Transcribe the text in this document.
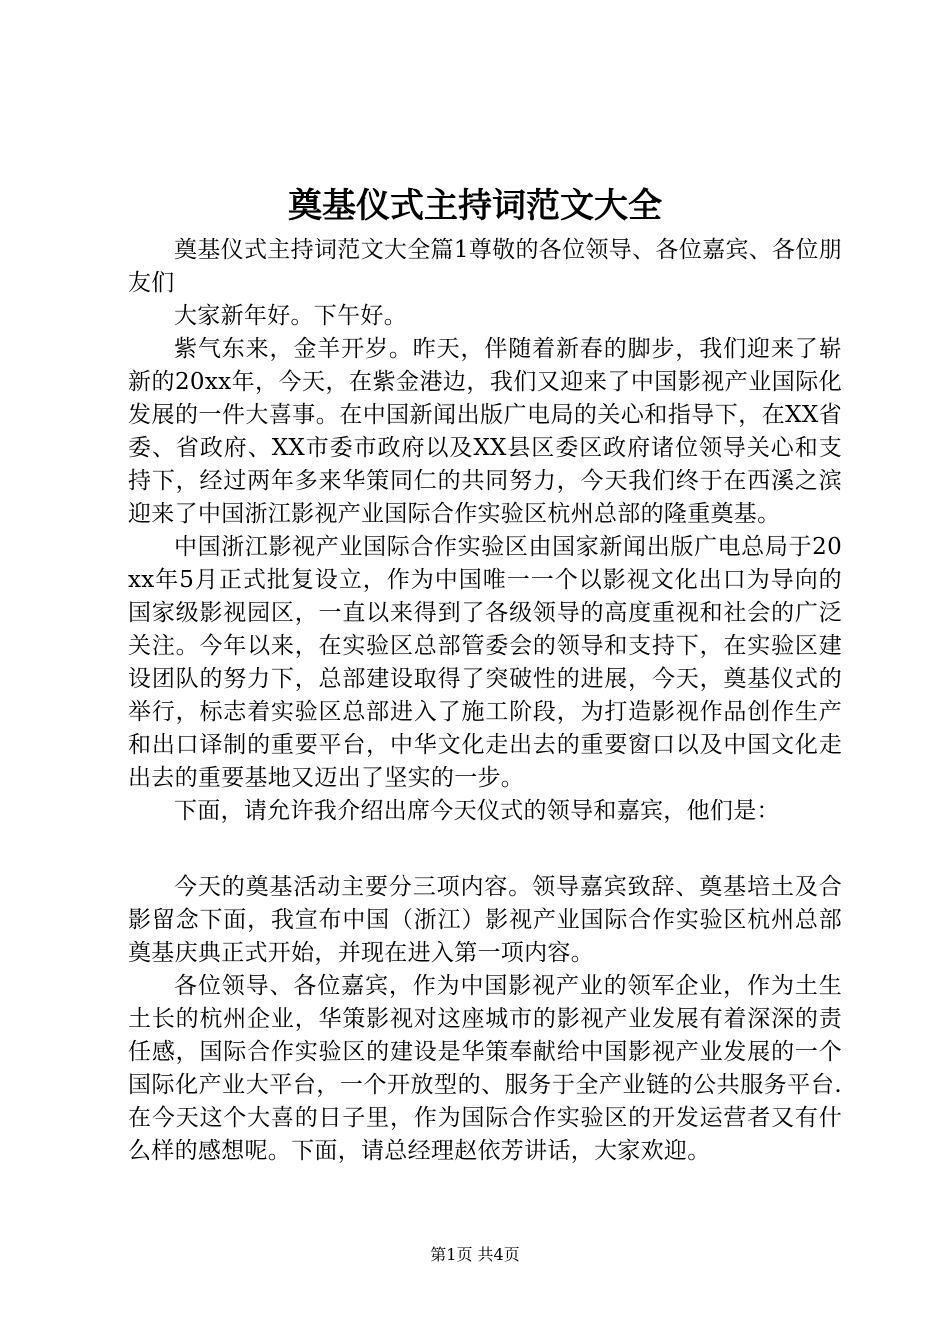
奠基仪式主持词范文大全

奠基仪式主持词范文大全篇1尊敬的各位领导、各位嘉宾、各位朋友们

大家新年好。下午好。

紫气东来，金羊开岁。昨天，伴随着新春的脚步，我们迎来了崭新的20xx年，今天，在紫金港边，我们又迎来了中国影视产业国际化发展的一件大喜事。在中国新闻出版广电局的关心和指导下，在XX省委、省政府、XX市委市政府以及XX县区委区政府诸位领导关心和支持下，经过两年多来华策同仁的共同努力，今天我们终于在西溪之滨迎来了中国浙江影视产业国际合作实验区杭州总部的隆重奠基。

中国浙江影视产业国际合作实验区由国家新闻出版广电总局于20xx年5月正式批复设立，作为中国唯一一个以影视文化出口为导向的国家级影视园区，一直以来得到了各级领导的高度重视和社会的广泛关注。今年以来，在实验区总部管委会的领导和支持下，在实验区建设团队的努力下，总部建设取得了突破性的进展，今天，奠基仪式的举行，标志着实验区总部进入了施工阶段，为打造影视作品创作生产和出口译制的重要平台，中华文化走出去的重要窗口以及中国文化走出去的重要基地又迈出了坚实的一步。

下面，请允许我介绍出席今天仪式的领导和嘉宾，他们是：

今天的奠基活动主要分三项内容。领导嘉宾致辞、奠基培土及合影留念下面，我宣布中国（浙江）影视产业国际合作实验区杭州总部奠基庆典正式开始，并现在进入第一项内容。

各位领导、各位嘉宾，作为中国影视产业的领军企业，作为土生土长的杭州企业，华策影视对这座城市的影视产业发展有着深深的责任感，国际合作实验区的建设是华策奉献给中国影视产业发展的一个国际化产业大平台，一个开放型的、服务于全产业链的公共服务平台.在今天这个大喜的日子里，作为国际合作实验区的开发运营者又有什么样的感想呢。下面，请总经理赵依芳讲话，大家欢迎。

第1页 共4页
